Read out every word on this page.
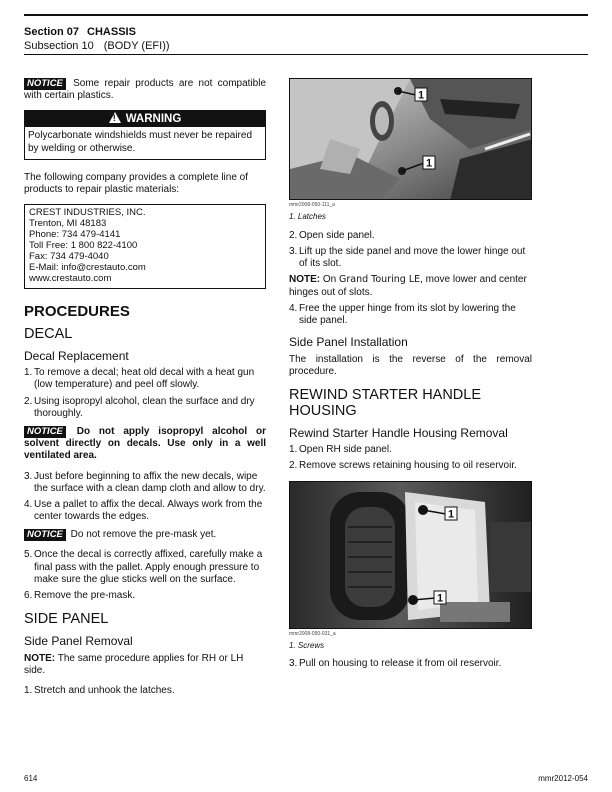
Section 07 CHASSIS
Subsection 10 (BODY (EFI))
NOTICE Some repair products are not compatible with certain plastics.
!WARNING
Polycarbonate windshields must never be repaired by welding or otherwise.
The following company provides a complete line of products to repair plastic materials:
CREST INDUSTRIES, INC.
Trenton, MI 48183
Phone: 734 479-4141
Toll Free: 1 800 822-4100
Fax: 734 479-4040
E-Mail: info@crestauto.com
www.crestauto.com
PROCEDURES
DECAL
Decal Replacement
1. To remove a decal; heat old decal with a heat gun (low temperature) and peel off slowly.
2. Using isopropyl alcohol, clean the surface and dry thoroughly.
NOTICE Do not apply isopropyl alcohol or solvent directly on decals. Use only in a well ventilated area.
3. Just before beginning to affix the new decals, wipe the surface with a clean damp cloth and allow to dry.
4. Use a pallet to affix the decal. Always work from the center towards the edges.
NOTICE Do not remove the pre-mask yet.
5. Once the decal is correctly affixed, carefully make a final pass with the pallet. Apply enough pressure to make sure the glue sticks well on the surface.
6. Remove the pre-mask.
SIDE PANEL
Side Panel Removal
NOTE: The same procedure applies for RH or LH side.
1. Stretch and unhook the latches.
1
1
mmr2008-050-111_a
1. Latches
2. Open side panel.
3. Lift up the side panel and move the lower hinge out of its slot.
NOTE: On Grand Touring LE, move lower and center hinges out of slots.
4. Free the upper hinge from its slot by lowering the side panel.
Side Panel Installation
The installation is the reverse of the removal procedure.
REWIND STARTER HANDLE HOUSING
Rewind Starter Handle Housing Removal
1. Open RH side panel.
2. Remove screws retaining housing to oil reservoir.
1
1
mmr2008-050-031_a
1. Screws
3. Pull on housing to release it from oil reservoir.
614	mmr2012-054
